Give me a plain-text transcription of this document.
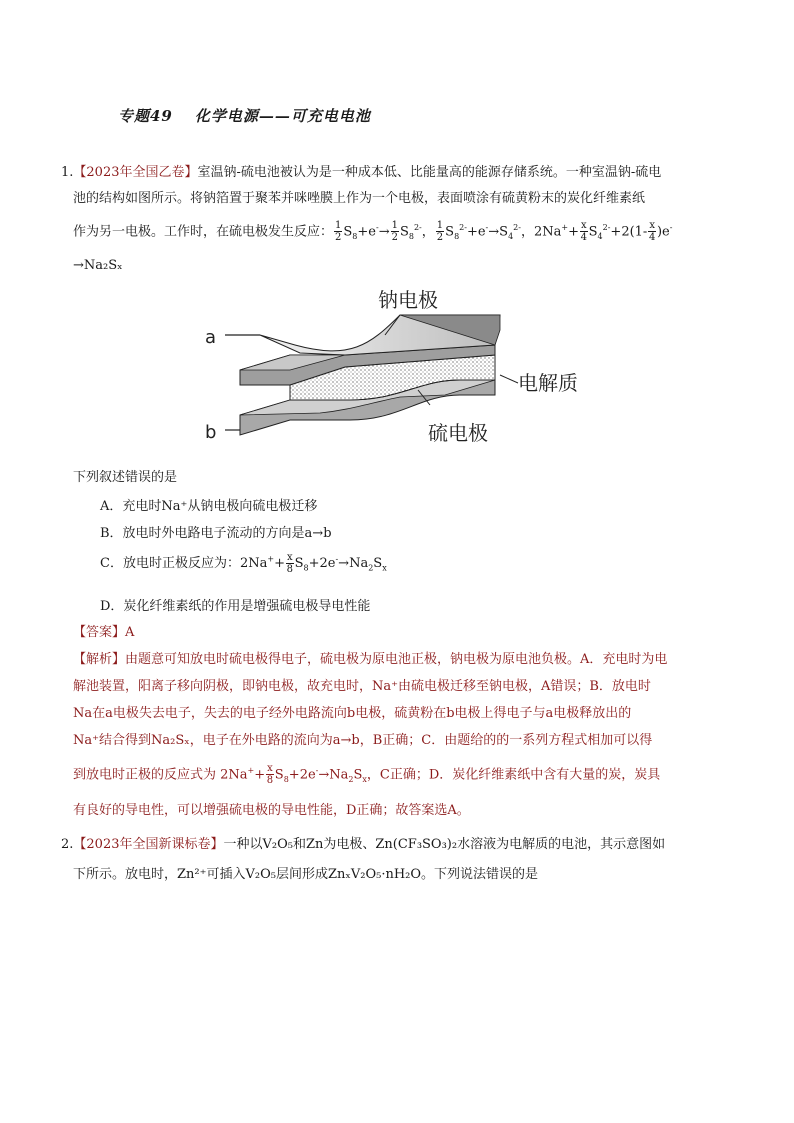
专题49 化学电源——可充电电池
1.【2023年全国乙卷】室温钠-硫电池被认为是一种成本低、比能量高的能源存储系统。一种室温钠-硫电
池的结构如图所示。将钠箔置于聚苯并咪唑膜上作为一个电极，表面喷涂有硫黄粉末的炭化纤维素纸
作为另一电极。工作时，在硫电极发生反应： $\frac{1}{2} S_8+e^-\to \frac{1}{2} S_8^{2-}$， $\frac{1}{2} S_8^{2-}+e^-\to S_4^{2-}$，$2Na^++ \frac{x}{4} S_4^{2-}+2(1- \frac{x}{4} )e^-$
→Na₂Sₓ
钠电极
电解质
硫电极
a
b
下列叙述错误的是
A．充电时Na⁺从钠电极向硫电极迁移
B．放电时外电路电子流动的方向是a→b
C．放电时正极反应为：$2Na^++ \frac{x}{8} S_8+2e^-\to Na_2S_x$
D．炭化纤维素纸的作用是增强硫电极导电性能
【答案】A
【解析】由题意可知放电时硫电极得电子，硫电极为原电池正极，钠电极为原电池负极。A．充电时为电
解池装置，阳离子移向阴极，即钠电极，故充电时，Na⁺由硫电极迁移至钠电极，A错误；B．放电时
Na在a电极失去电子，失去的电子经外电路流向b电极，硫黄粉在b电极上得电子与a电极释放出的
Na⁺结合得到Na₂Sₓ，电子在外电路的流向为a→b，B正确；C．由题给的的一系列方程式相加可以得
到放电时正极的反应式为 $2Na^++ \frac{x}{8} S_8+2e^-\to Na_2S_x$，C正确；D．炭化纤维素纸中含有大量的炭，炭具
有良好的导电性，可以增强硫电极的导电性能，D正确；故答案选A。
2.【2023年全国新课标卷】一种以V₂O₅和Zn为电极、Zn(CF₃SO₃)₂水溶液为电解质的电池，其示意图如
下所示。放电时，Zn²⁺可插入V₂O₅层间形成ZnₓV₂O₅·nH₂O。下列说法错误的是
